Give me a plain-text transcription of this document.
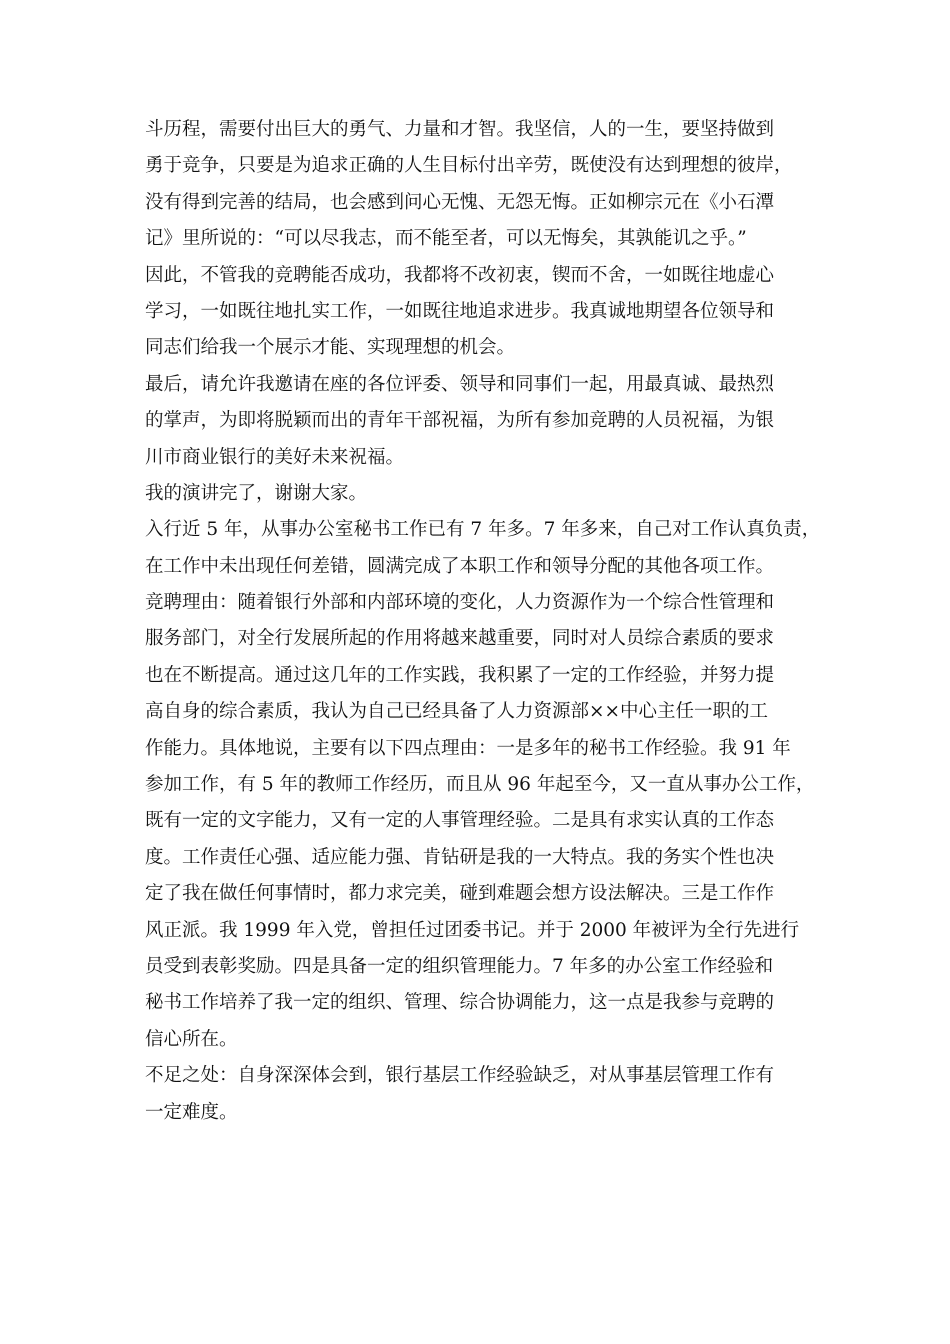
斗历程，需要付出巨大的勇气、力量和才智。我坚信，人的一生，要坚持做到
勇于竞争，只要是为追求正确的人生目标付出辛劳，既使没有达到理想的彼岸，
没有得到完善的结局，也会感到问心无愧、无怨无悔。正如柳宗元在《小石潭
记》里所说的：“可以尽我志，而不能至者，可以无悔矣，其孰能讥之乎。”
因此，不管我的竞聘能否成功，我都将不改初衷，锲而不舍，一如既往地虚心
学习，一如既往地扎实工作，一如既往地追求进步。我真诚地期望各位领导和
同志们给我一个展示才能、实现理想的机会。
最后，请允许我邀请在座的各位评委、领导和同事们一起，用最真诚、最热烈
的掌声，为即将脱颖而出的青年干部祝福，为所有参加竞聘的人员祝福，为银
川市商业银行的美好未来祝福。
我的演讲完了，谢谢大家。
入行近 5 年，从事办公室秘书工作已有 7 年多。7 年多来，自己对工作认真负责，
在工作中未出现任何差错，圆满完成了本职工作和领导分配的其他各项工作。
竞聘理由：随着银行外部和内部环境的变化，人力资源作为一个综合性管理和
服务部门，对全行发展所起的作用将越来越重要，同时对人员综合素质的要求
也在不断提高。通过这几年的工作实践，我积累了一定的工作经验，并努力提
高自身的综合素质，我认为自己已经具备了人力资源部××中心主任一职的工
作能力。具体地说，主要有以下四点理由：一是多年的秘书工作经验。我 91 年
参加工作，有 5 年的教师工作经历，而且从 96 年起至今，又一直从事办公工作，
既有一定的文字能力，又有一定的人事管理经验。二是具有求实认真的工作态
度。工作责任心强、适应能力强、肯钻研是我的一大特点。我的务实个性也决
定了我在做任何事情时，都力求完美，碰到难题会想方设法解决。三是工作作
风正派。我 1999 年入党，曾担任过团委书记。并于 2000 年被评为全行先进行
员受到表彰奖励。四是具备一定的组织管理能力。7 年多的办公室工作经验和
秘书工作培养了我一定的组织、管理、综合协调能力，这一点是我参与竞聘的
信心所在。
不足之处：自身深深体会到，银行基层工作经验缺乏，对从事基层管理工作有
一定难度。
